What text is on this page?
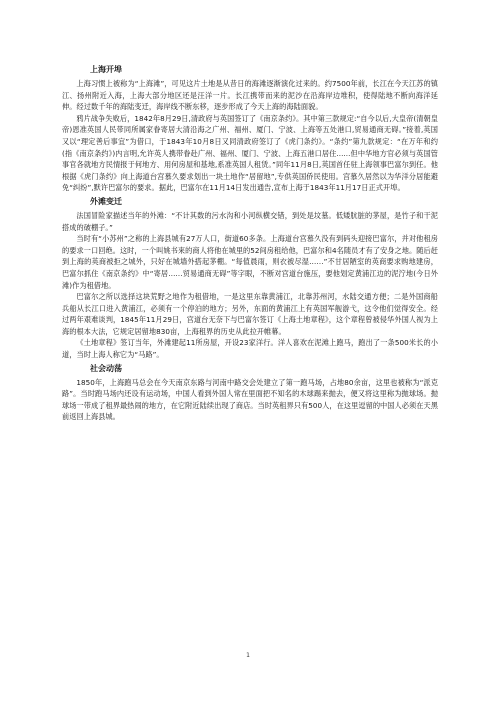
上海开埠

上海习惯上被称为“上海滩”，可见这片土地是从昔日的海滩逐渐演化过来的。约7500年前，长江在今天江苏的镇江、扬州附近入海，上海大部分地区还是汪洋一片。长江携带而来的泥沙在沿海岸边堆积，使得陆地不断向海洋延伸。经过数千年的海陆变迁，海岸线不断东移，逐步形成了今天上海的海陆面貌。

鸦片战争失败后，1842年8月29日,清政府与英国签订了《南京条约》。其中第三款规定:“自今以后,大皇帝(清朝皇帝)恩准英国人民带同所属家眷寄居大清沿海之广州、福州、厦门、宁波、上海等五处港口,贸易通商无碍。”接着,英国又以“理定善后事宜”为借口，于1843年10月8日又同清政府签订了《虎门条约》。“条约”第九款规定：“在万年和约(指《南京条约》)内言明,允许英人携带眷赴广州、福州、厦门、宁波、上海五港口居住......但中华地方官必须与英国管事官各就地方民情报于何地方、用何房屋和基地,系准英国人租赁。”同年11月8日,英国首任驻上海领事巴富尔到任。他根据《虎门条约》向上海道台宫慕久要求划出一块土地作“居留地”,专供英国侨民使用。宫慕久居然以为华洋分居能避免“纠纷”,默许巴富尔的要求。据此，巴富尔在11月14日发出通告,宣布上海于1843年11月17日正式开埠。

外滩变迁

法国冒险家描述当年的外滩：“不计其数的污水沟和小河纵横交错，到处是坟墓。低矮肮脏的茅屋，是竹子和干泥搭成的破棚子。”

当时有“小苏州”之称的上海县城有27万人口，街道60多条。上海道台宫慕久没有到码头迎接巴富尔，并对他租房的要求一口回绝。这时，一个叫姚书來的商人将他在城里的52间房租给他，巴富尔和4名随员才有了安身之地。随后赶到上海的英商被拒之城外，只好在城墙外搭起茅棚。“每值晨雨，则衣被尽湿……”不甘居陋室的英商要求购地建房，巴富尔抓住《南京条约》中“寄居……贸易通商无碍”等字眼，不断对宫道台施压，要他划定黄浦江边的泥泞地(今日外滩)作为租借地。

巴富尔之所以选择这块荒野之地作为租借地，一是这里东靠黄浦江，北靠苏州河，水陆交通方便；二是外国商船兵船从长江口进入黄浦江，必须有一个停泊的地方；另外，东面的黄浦江上有英国军舰游弋，这令他们觉得安全。经过两年艰难谈判，1845年11月29日，宫道台无奈下与巴富尔签订《上海土地章程》，这个章程曾被侵华外国人视为上海的根本大法，它规定居留地830亩，上海租界的历史从此拉开帷幕。

《土地章程》签订当年，外滩建起11所房屋，开设23家洋行。洋人喜欢在泥滩上跑马，跑出了一条500米长的小道，当时上海人称它为“马路”。

社会动荡

1850年，上海跑马总会在今天南京东路与河南中路交会处建立了第一跑马场，占地80余亩，这里也被称为“派克路”。当时跑马场内还设有运动场，中国人看到外国人常在里面把不知名的木球踢来抛去，便又将这里称为抛球场。抛球场一带成了租界最热闹的地方，在它附近陆续出现了商店。当时英租界只有500人，在这里逗留的中国人必须在天黑前返回上海县城。

1
